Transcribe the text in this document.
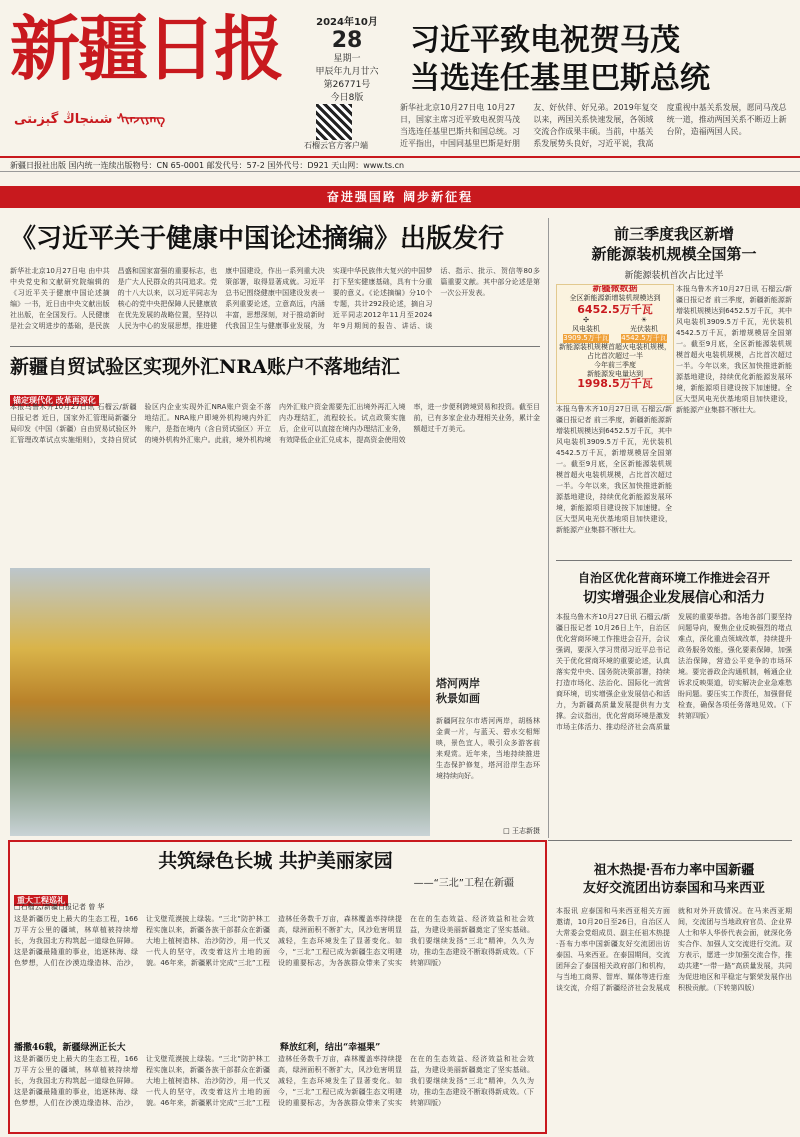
新疆日报
شىنجاڭ گېزىتى ᠰᠢᠨᠵᠢᠶᠠᠩ
2024年10月
28
星期一
甲辰年九月廿六
第26771号
今日8版
石榴云官方客户端
习近平致电祝贺马茂
当选连任基里巴斯总统
新华社北京10月27日电 10月27日，国家主席习近平致电祝贺马茂当选连任基里巴斯共和国总统。习近平指出，中国同基里巴斯是好朋友、好伙伴、好兄弟。2019年复交以来，两国关系快速发展，各领域交流合作成果丰硕。当前，中基关系发展势头良好，习近平说，我高度重视中基关系发展，愿同马茂总统一道，推动两国关系不断迈上新台阶，造福两国人民。
新疆日报社出版 国内统一连续出版物号：CN 65-0001 邮发代号：57-2 国外代号：D921 天山网：www.ts.cn
奋进强国路 阔步新征程
《习近平关于健康中国论述摘编》出版发行
新华社北京10月27日电 由中共中央党史和文献研究院编辑的《习近平关于健康中国论述摘编》一书，近日由中央文献出版社出版，在全国发行。人民健康是社会文明进步的基础，是民族昌盛和国家富强的重要标志，也是广大人民群众的共同追求。党的十八大以来，以习近平同志为核心的党中央把保障人民健康放在优先发展的战略位置，坚持以人民为中心的发展思想，推进健康中国建设，作出一系列重大决策部署，取得显著成就。习近平总书记围绕健康中国建设发表一系列重要论述，立意高远，内涵丰富，思想深刻，对于推动新时代我国卫生与健康事业发展，为实现中华民族伟大复兴的中国梦打下坚实健康基础，具有十分重要的意义。《论述摘编》分10个专题，共计292段论述，摘自习近平同志2012年11月至2024年9月期间的报告、讲话、谈话、指示、批示、贺信等80多篇重要文献。其中部分论述是第一次公开发表。
新疆自贸试验区实现外汇NRA账户不落地结汇
锚定现代化 改革再深化
本报乌鲁木齐10月27日讯 石榴云/新疆日报记者 近日，国家外汇管理局新疆分局印发《中国（新疆）自由贸易试验区外汇管理改革试点实施细则》，支持自贸试验区内企业实现外汇NRA账户资金不落地结汇。NRA账户即境外机构境内外汇账户，是指在境内（含自贸试验区）开立的境外机构外汇账户。此前，境外机构境内外汇账户资金需要先汇出境外再汇入境内办理结汇，流程较长。试点政策实施后，企业可以直接在境内办理结汇业务，有效降低企业汇兑成本，提高资金使用效率，进一步便利跨境贸易和投资。截至目前，已有多家企业办理相关业务，累计金额超过千万美元。
塔河两岸
秋景如画
新疆阿拉尔市塔河两岸，胡杨林金黄一片，与蓝天、碧水交相辉映，景色宜人，吸引众多游客前来观赏。近年来，当地持续推进生态保护修复，塔河沿岸生态环境持续向好。
□ 王志新摄
前三季度我区新增
新能源装机规模全国第一
新能源装机首次占比过半
新疆微数据
全区新能源新增装机规模达到
6452.5万千瓦
✣
风电装机
3909.5万千瓦
☀
光伏装机
4542.5万千瓦
新能源装机规模首超火电装机规模，占比首次超过一半
今年前三季度
新能源发电量达到
1998.5万千瓦
本报乌鲁木齐10月27日讯 石榴云/新疆日报记者 前三季度，新疆新能源新增装机规模达到6452.5万千瓦，其中风电装机3909.5万千瓦，光伏装机4542.5万千瓦，新增规模居全国第一。截至9月底，全区新能源装机规模首超火电装机规模，占比首次超过一半。今年以来，我区加快推进新能源基地建设，持续优化新能源发展环境，新能源项目建设按下加速键。全区大型风电光伏基地项目加快建设，新能源产业集群不断壮大。
本报乌鲁木齐10月27日讯 石榴云/新疆日报记者 前三季度，新疆新能源新增装机规模达到6452.5万千瓦，其中风电装机3909.5万千瓦，光伏装机4542.5万千瓦，新增规模居全国第一。截至9月底，全区新能源装机规模首超火电装机规模，占比首次超过一半。今年以来，我区加快推进新能源基地建设，持续优化新能源发展环境，新能源项目建设按下加速键。全区大型风电光伏基地项目加快建设，新能源产业集群不断壮大。
自治区优化营商环境工作推进会召开
切实增强企业发展信心和活力
本报乌鲁木齐10月27日讯 石榴云/新疆日报记者 10月26日上午，自治区优化营商环境工作推进会召开，会议强调，要深入学习贯彻习近平总书记关于优化营商环境的重要论述，认真落实党中央、国务院决策部署，持续打造市场化、法治化、国际化一流营商环境，切实增强企业发展信心和活力，为新疆高质量发展提供有力支撑。会议指出，优化营商环境是激发市场主体活力、推动经济社会高质量发展的重要举措。各地各部门要坚持问题导向，聚焦企业反映强烈的堵点难点，深化重点领域改革，持续提升政务服务效能，强化要素保障，加强法治保障，营造公平竞争的市场环境。要完善政企沟通机制，畅通企业诉求反映渠道，切实解决企业急难愁盼问题。要压实工作责任，加强督促检查，确保各项任务落地见效。（下转第四版）
共筑绿色长城 共护美丽家园
——“三北”工程在新疆
重大工程巡礼
□石榴云/新疆日报记者 曾 华
这是新疆历史上最大的生态工程，166万平方公里的疆域，林草植被持续增长，为我国北方构筑起一道绿色屏障。这是新疆最隆重的事业，追逐林海、绿色梦想，人们在沙漠边缘造林、治沙，让戈壁荒漠披上绿装。“三北”防护林工程实施以来，新疆各族干部群众在新疆大地上植树造林、治沙防沙，用一代又一代人的坚守，改变着这片土地的面貌。46年来，新疆累计完成“三北”工程造林任务数千万亩，森林覆盖率持续提高，绿洲面积不断扩大，风沙危害明显减轻，生态环境发生了显著变化。如今，“三北”工程已成为新疆生态文明建设的重要标志，为各族群众带来了实实在在的生态效益、经济效益和社会效益，为建设美丽新疆奠定了坚实基础。我们要继续发扬“三北”精神，久久为功，推动生态建设不断取得新成效。（下转第四版）
播撒46载，新疆绿洲正长大	释放红利，结出“幸福果”
这是新疆历史上最大的生态工程，166万平方公里的疆域，林草植被持续增长，为我国北方构筑起一道绿色屏障。这是新疆最隆重的事业，追逐林海、绿色梦想，人们在沙漠边缘造林、治沙，让戈壁荒漠披上绿装。“三北”防护林工程实施以来，新疆各族干部群众在新疆大地上植树造林、治沙防沙，用一代又一代人的坚守，改变着这片土地的面貌。46年来，新疆累计完成“三北”工程造林任务数千万亩，森林覆盖率持续提高，绿洲面积不断扩大，风沙危害明显减轻，生态环境发生了显著变化。如今，“三北”工程已成为新疆生态文明建设的重要标志，为各族群众带来了实实在在的生态效益、经济效益和社会效益，为建设美丽新疆奠定了坚实基础。我们要继续发扬“三北”精神，久久为功，推动生态建设不断取得新成效。（下转第四版）
祖木热提·吾布力率中国新疆
友好交流团出访泰国和马来西亚
本报讯 应泰国和马来西亚相关方面邀请，10月20日至26日，自治区人大常委会党组成员、副主任祖木热提·吾布力率中国新疆友好交流团出访泰国、马来西亚。在泰国期间，交流团拜会了泰国相关政府部门和机构，与当地工商界、智库、媒体等进行座谈交流，介绍了新疆经济社会发展成就和对外开放情况。在马来西亚期间，交流团与当地政府官员、企业界人士和华人华侨代表会面，就深化务实合作、加强人文交流进行交流。双方表示，愿进一步加强交流合作，推动共建“一带一路”高质量发展，共同为促进地区和平稳定与繁荣发展作出积极贡献。（下转第四版）
